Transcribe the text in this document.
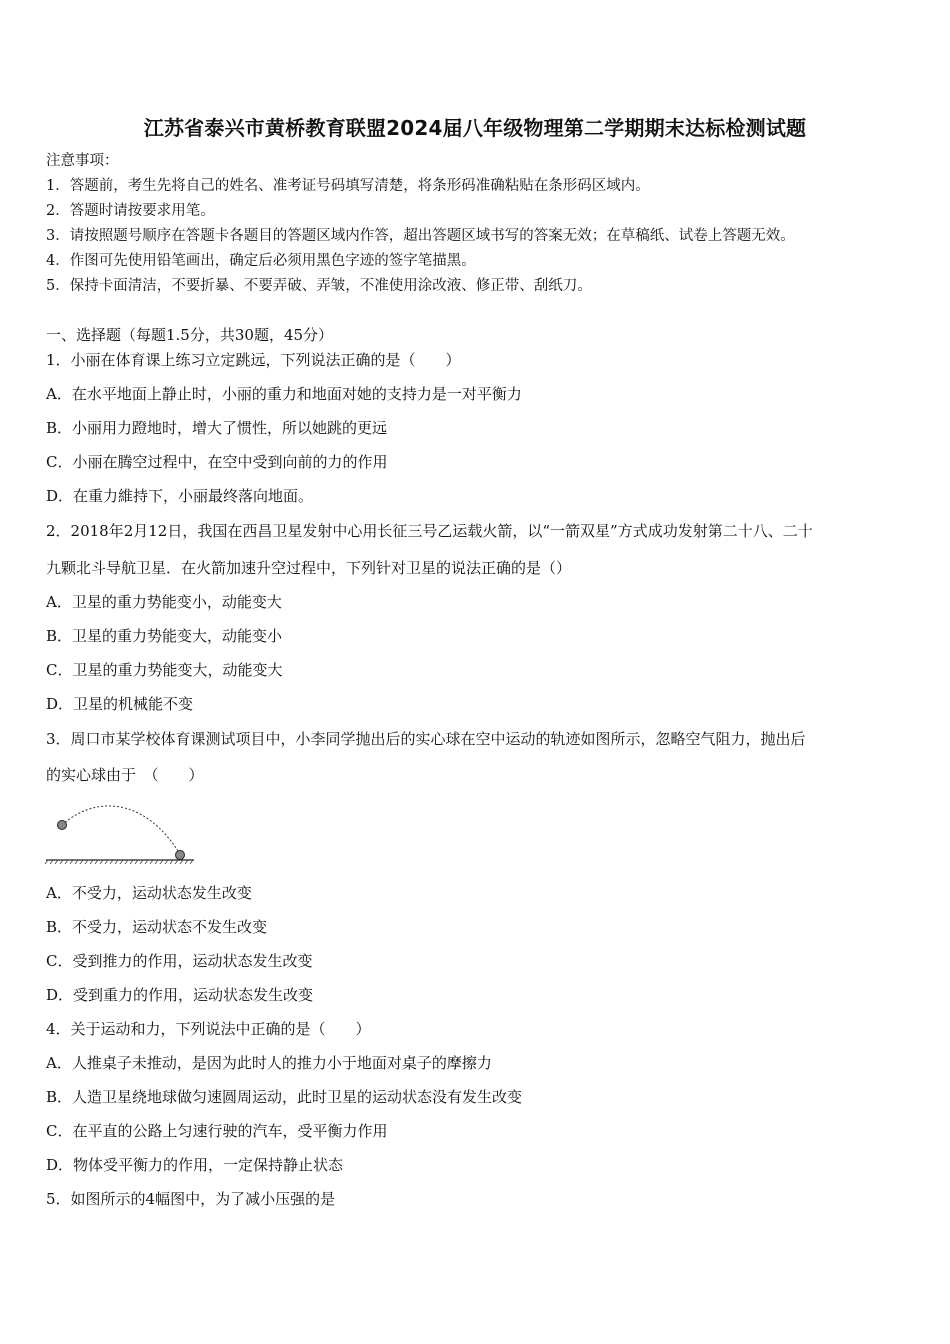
江苏省泰兴市黄桥教育联盟2024届八年级物理第二学期期末达标检测试题
注意事项：
1．答题前，考生先将自己的姓名、准考证号码填写清楚，将条形码准确粘贴在条形码区域内。
2．答题时请按要求用笔。
3．请按照题号顺序在答题卡各题目的答题区域内作答，超出答题区域书写的答案无效；在草稿纸、试卷上答题无效。
4．作图可先使用铅笔画出，确定后必须用黑色字迹的签字笔描黑。
5．保持卡面清洁，不要折暴、不要弄破、弄皱，不准使用涂改液、修正带、刮纸刀。
一、选择题（每题1.5分，共30题，45分）
1．小丽在体育课上练习立定跳远，下列说法正确的是（　　）
A．在水平地面上静止时，小丽的重力和地面对她的支持力是一对平衡力
B．小丽用力蹬地时，增大了惯性，所以她跳的更远
C．小丽在腾空过程中，在空中受到向前的力的作用
D．在重力維持下，小丽最终落向地面。
2．2018年2月12日，我国在西昌卫星发射中心用长征三号乙运载火箭，以“一箭双星”方式成功发射第二十八、二十
九颗北斗导航卫星．在火箭加速升空过程中，下列针对卫星的说法正确的是（）
A．卫星的重力势能变小，动能变大
B．卫星的重力势能变大，动能变小
C．卫星的重力势能变大，动能变大
D．卫星的机械能不变
3．周口市某学校体育课测试项目中，小李同学抛出后的实心球在空中运动的轨迹如图所示，忽略空气阻力，抛出后
的实心球由于　（　　）
A．不受力，运动状态发生改变
B．不受力，运动状态不发生改变
C．受到推力的作用，运动状态发生改变
D．受到重力的作用，运动状态发生改变
4．关于运动和力，下列说法中正确的是（　　）
A．人推桌子未推动，是因为此时人的推力小于地面对桌子的摩擦力
B．人造卫星绕地球做匀速圆周运动，此时卫星的运动状态没有发生改变
C．在平直的公路上匀速行驶的汽车，受平衡力作用
D．物体受平衡力的作用，一定保持静止状态
5．如图所示的4幅图中，为了减小压强的是
